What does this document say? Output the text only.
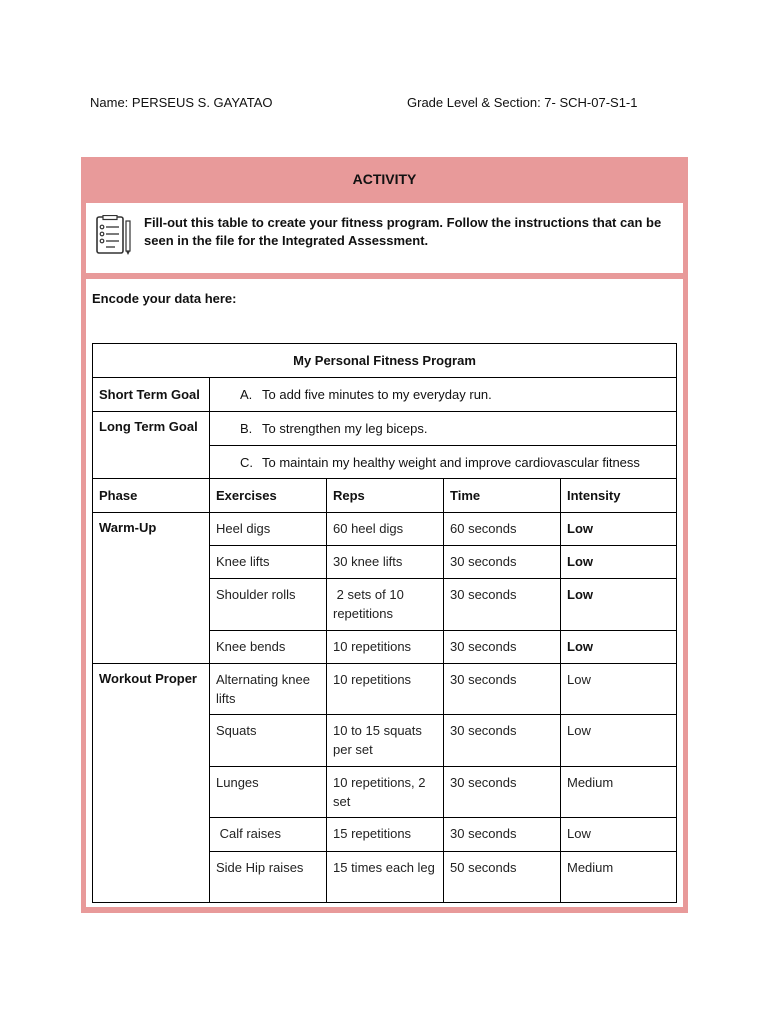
Name: PERSEUS S. GAYATAO	Grade Level & Section: 7- SCH-07-S1-1
ACTIVITY
Fill-out this table to create your fitness program. Follow the instructions that can be seen in the file for the Integrated Assessment.
Encode your data here:
My Personal Fitness Program				
Short Term Goal	A. To add five minutes to my everyday run.			

Long Term Goal	B. To strengthen my leg biceps.			

	C. To maintain my healthy weight and improve cardiovascular fitness			

Phase	Exercises	Reps	Time	Intensity
Warm-Up	Heel digs	60 heel digs	60 seconds	Low
	Knee lifts	30 knee lifts	30 seconds	Low
	Shoulder rolls	2 sets of 10 repetitions	30 seconds	Low
	Knee bends	10 repetitions	30 seconds	Low
Workout Proper	Alternating knee lifts	10 repetitions	30 seconds	Low
	Squats	10 to 15 squats per set	30 seconds	Low
	Lunges	10 repetitions, 2 set	30 seconds	Medium
	Calf raises	15 repetitions	30 seconds	Low
	Side Hip raises	15 times each leg	50 seconds	Medium
